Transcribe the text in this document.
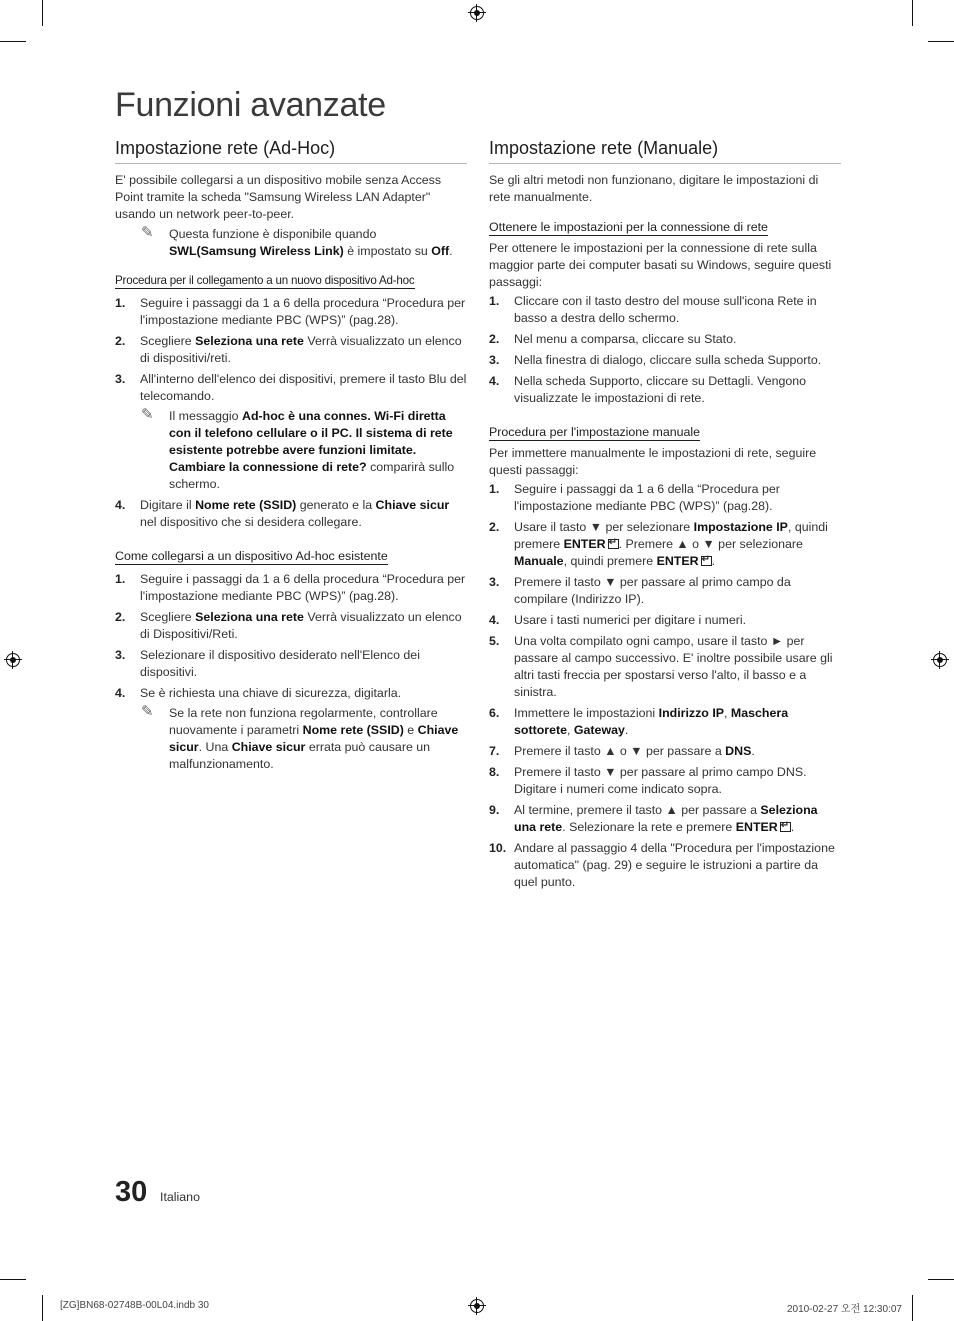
Funzioni avanzate
Impostazione rete (Ad-Hoc)

E' possibile collegarsi a un dispositivo mobile senza Access Point tramite la scheda "Samsung Wireless LAN Adapter" usando un network peer-to-peer.

✎ Questa funzione è disponibile quando SWL(Samsung Wireless Link) è impostato su Off.
Procedura per il collegamento a un nuovo dispositivo Ad-hoc
1. Seguire i passaggi da 1 a 6 della procedura “Procedura per l'impostazione mediante PBC (WPS)” (pag.28).
2. Scegliere Seleziona una rete Verrà visualizzato un elenco di dispositivi/reti.
3. All'interno dell'elenco dei dispositivi, premere il tasto Blu del telecomando.
✎ Il messaggio Ad-hoc è una connes. Wi-Fi diretta con il telefono cellulare o il PC. Il sistema di rete esistente potrebbe avere funzioni limitate. Cambiare la connessione di rete? comparirà sullo schermo.
4. Digitare il Nome rete (SSID) generato e la Chiave sicur nel dispositivo che si desidera collegare.
Come collegarsi a un dispositivo Ad-hoc esistente
1. Seguire i passaggi da 1 a 6 della procedura “Procedura per l'impostazione mediante PBC (WPS)” (pag.28).
2. Scegliere Seleziona una rete Verrà visualizzato un elenco di Dispositivi/Reti.
3. Selezionare il dispositivo desiderato nell'Elenco dei dispositivi.
4. Se è richiesta una chiave di sicurezza, digitarla.
✎ Se la rete non funziona regolarmente, controllare nuovamente i parametri Nome rete (SSID) e Chiave sicur. Una Chiave sicur errata può causare un malfunzionamento.
Impostazione rete (Manuale)

Se gli altri metodi non funzionano, digitare le impostazioni di rete manualmente.

Ottenere le impostazioni per la connessione di rete

Per ottenere le impostazioni per la connessione di rete sulla maggior parte dei computer basati su Windows, seguire questi passaggi:

1. Cliccare con il tasto destro del mouse sull'icona Rete in basso a destra dello schermo.
2. Nel menu a comparsa, cliccare su Stato.
3. Nella finestra di dialogo, cliccare sulla scheda Supporto.
4. Nella scheda Supporto, cliccare su Dettagli. Vengono visualizzate le impostazioni di rete.
Procedura per l'impostazione manuale

Per immettere manualmente le impostazioni di rete, seguire questi passaggi:

1. Seguire i passaggi da 1 a 6 della “Procedura per l'impostazione mediante PBC (WPS)” (pag.28).
2. Usare il tasto ▼ per selezionare Impostazione IP, quindi premere ENTER ↵ . Premere ▲ o ▼ per selezionare Manuale, quindi premere ENTER ↵ .
3. Premere il tasto ▼ per passare al primo campo da compilare (Indirizzo IP).
4. Usare i tasti numerici per digitare i numeri.
5. Una volta compilato ogni campo, usare il tasto ► per passare al campo successivo. E' inoltre possibile usare gli altri tasti freccia per spostarsi verso l'alto, il basso e a sinistra.
6. Immettere le impostazioni Indirizzo IP, Maschera sottorete, Gateway.
7. Premere il tasto ▲ o ▼ per passare a DNS.
8. Premere il tasto ▼ per passare al primo campo DNS. Digitare i numeri come indicato sopra.
9. Al termine, premere il tasto ▲ per passare a Seleziona una rete. Selezionare la rete e premere ENTER ↵ .
10. Andare al passaggio 4 della "Procedura per l'impostazione automatica" (pag. 29) e seguire le istruzioni a partire da quel punto.
30 Italiano
[ZG]BN68-02748B-00L04.indb 30	2010-02-27 오전 12:30:07
